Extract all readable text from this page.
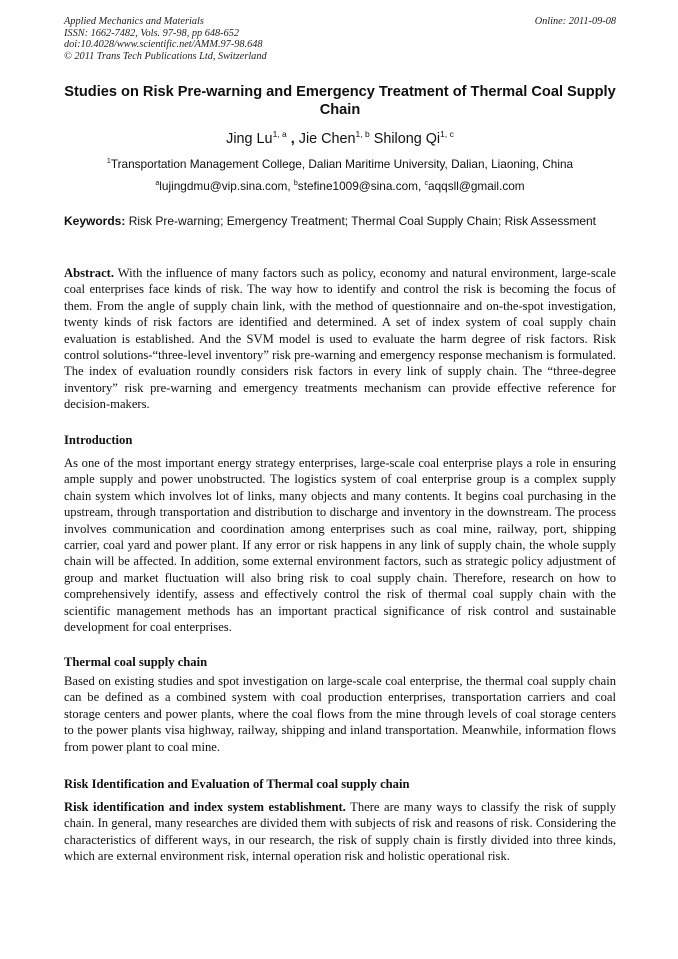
Applied Mechanics and Materials
ISSN: 1662-7482, Vols. 97-98, pp 648-652
doi:10.4028/www.scientific.net/AMM.97-98.648
© 2011 Trans Tech Publications Ltd, Switzerland
Online: 2011-09-08
Studies on Risk Pre-warning and Emergency Treatment of Thermal Coal Supply Chain
Jing Lu$^{1, a}$ , Jie Chen$^{1, b}$ Shilong Qi$^{1, c}$
$^1$Transportation Management College, Dalian Maritime University, Dalian, Liaoning, China
$^a$lujingdmu@vip.sina.com, $^b$stefine1009@sina.com, $^c$aqqsll@gmail.com
Keywords: Risk Pre-warning; Emergency Treatment; Thermal Coal Supply Chain; Risk Assessment
Abstract. With the influence of many factors such as policy, economy and natural environment, large-scale coal enterprises face kinds of risk. The way how to identify and control the risk is becoming the focus of them. From the angle of supply chain link, with the method of questionnaire and on-the-spot investigation, twenty kinds of risk factors are identified and determined. A set of index system of coal supply chain evaluation is established. And the SVM model is used to evaluate the harm degree of risk factors. Risk control solutions-“three-level inventory” risk pre-warning and emergency response mechanism is formulated. The index of evaluation roundly considers risk factors in every link of supply chain. The “three-degree inventory” risk pre-warning and emergency treatments mechanism can provide effective reference for decision-makers.
Introduction
As one of the most important energy strategy enterprises, large-scale coal enterprise plays a role in ensuring ample supply and power unobstructed. The logistics system of coal enterprise group is a complex supply chain system which involves lot of links, many objects and many contents. It begins coal purchasing in the upstream, through transportation and distribution to discharge and inventory in the downstream. The process involves communication and coordination among enterprises such as coal mine, railway, port, shipping carrier, coal yard and power plant. If any error or risk happens in any link of supply chain, the whole supply chain will be affected. In addition, some external environment factors, such as strategic policy adjustment of group and market fluctuation will also bring risk to coal supply chain. Therefore, research on how to comprehensively identify, assess and effectively control the risk of thermal coal supply chain with the scientific management methods has an important practical significance of risk control and sustainable development for coal enterprises.
Thermal coal supply chain
Based on existing studies and spot investigation on large-scale coal enterprise, the thermal coal supply chain can be defined as a combined system with coal production enterprises, transportation carriers and coal storage centers and power plants, where the coal flows from the mine through levels of coal storage centers to the power plants visa highway, railway, shipping and inland transportation. Meanwhile, information flows from power plant to coal mine.
Risk Identification and Evaluation of Thermal coal supply chain
Risk identification and index system establishment. There are many ways to classify the risk of supply chain. In general, many researches are divided them with subjects of risk and reasons of risk. Considering the characteristics of different ways, in our research, the risk of supply chain is firstly divided into three kinds, which are external environment risk, internal operation risk and holistic operational risk.
